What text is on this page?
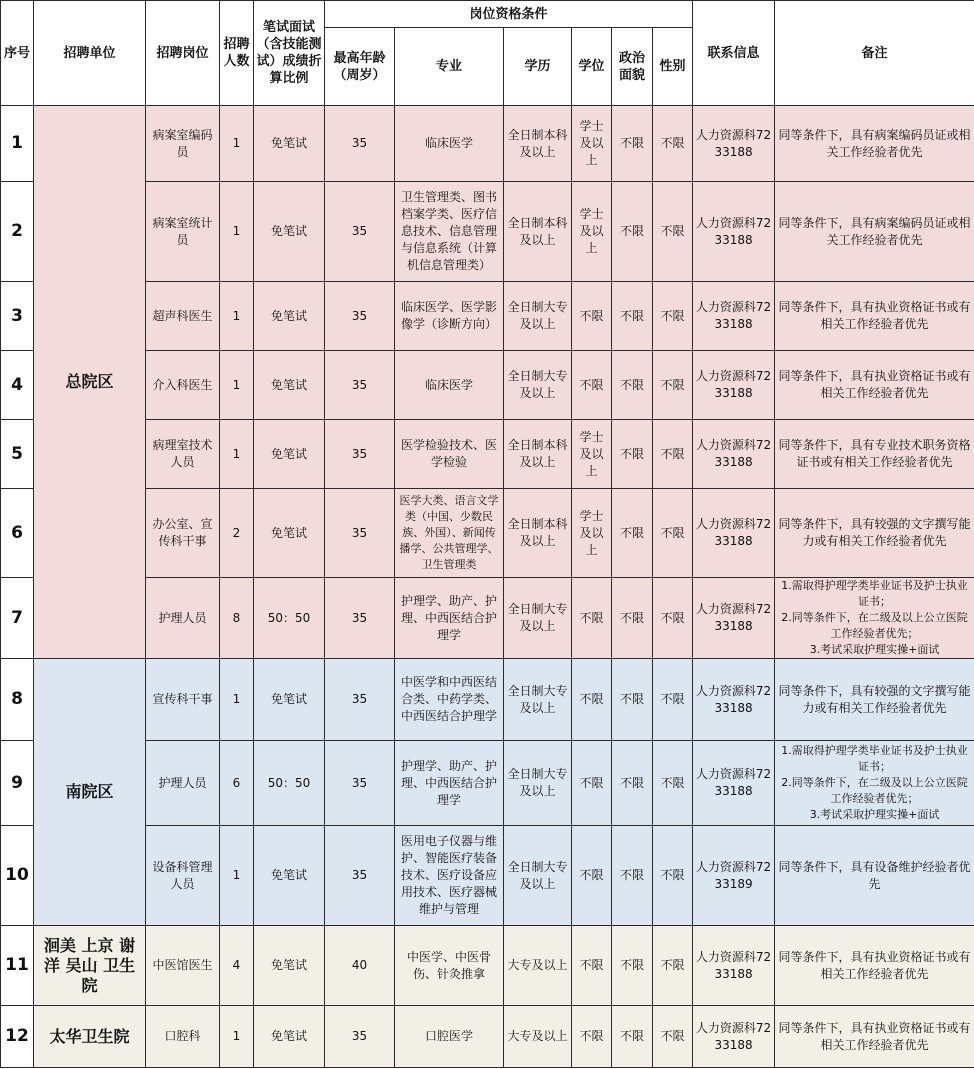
序号	招聘单位	招聘岗位	招聘人数	笔试面试（含技能测试）成绩折算比例	岗位资格条件						联系信息	备注
					最高年龄（周岁）	专业	学历	学位	政治面貌	性别		
1	总院区	病案室编码员	1	免笔试	35	临床医学	全日制本科及以上	学士及以上	不限	不限	人力资源科7233188	同等条件下，具有病案编码员证或相关工作经验者优先
2		病案室统计员	1	免笔试	35	卫生管理类、图书档案学类、医疗信息技术、信息管理与信息系统（计算机信息管理类）	全日制本科及以上	学士及以上	不限	不限	人力资源科7233188	同等条件下，具有病案编码员证或相关工作经验者优先
3		超声科医生	1	免笔试	35	临床医学、医学影像学（诊断方向）	全日制大专及以上	不限	不限	不限	人力资源科7233188	同等条件下，具有执业资格证书或有相关工作经验者优先
4		介入科医生	1	免笔试	35	临床医学	全日制大专及以上	不限	不限	不限	人力资源科7233188	同等条件下，具有执业资格证书或有相关工作经验者优先
5		病理室技术人员	1	免笔试	35	医学检验技术、医学检验	全日制本科及以上	学士及以上	不限	不限	人力资源科7233188	同等条件下，具有专业技术职务资格证书或有相关工作经验者优先
6		办公室、宣传科干事	2	免笔试	35	医学大类、语言文学类（中国、少数民族、外国）、新闻传播学、公共管理学、卫生管理类	全日制本科及以上	学士及以上	不限	不限	人力资源科7233188	同等条件下，具有较强的文字撰写能力或有相关工作经验者优先
7		护理人员	8	50：50	35	护理学、助产、护理、中西医结合护理学	全日制大专及以上	不限	不限	不限	人力资源科7233188	1.需取得护理学类毕业证书及护士执业证书；
2.同等条件下，在二级及以上公立医院工作经验者优先；
3.考试采取护理实操+面试

8	南院区	宣传科干事	1	免笔试	35	中医学和中西医结合类、中药学类、中西医结合护理学	全日制大专及以上	不限	不限	不限	人力资源科7233188	同等条件下，具有较强的文字撰写能力或有相关工作经验者优先
9		护理人员	6	50：50	35	护理学、助产、护理、中西医结合护理学	全日制大专及以上	不限	不限	不限	人力资源科7233188	1.需取得护理学类毕业证书及护士执业证书；
2.同等条件下，在二级及以上公立医院工作经验者优先；
3.考试采取护理实操+面试

10		设备科管理人员	1	免笔试	35	医用电子仪器与维护、智能医疗装备技术、医疗设备应用技术、医疗器械维护与管理	全日制大专及以上	不限	不限	不限	人力资源科7233189	同等条件下，具有设备维护经验者优先
11	洄美 上京 谢洋 吴山 卫生院	中医馆医生	4	免笔试	40	中医学、中医骨伤、针灸推拿	大专及以上	不限	不限	不限	人力资源科7233188	同等条件下，具有执业资格证书或有相关工作经验者优先
12	太华卫生院	口腔科	1	免笔试	35	口腔医学	大专及以上	不限	不限	不限	人力资源科7233188	同等条件下，具有执业资格证书或有相关工作经验者优先
